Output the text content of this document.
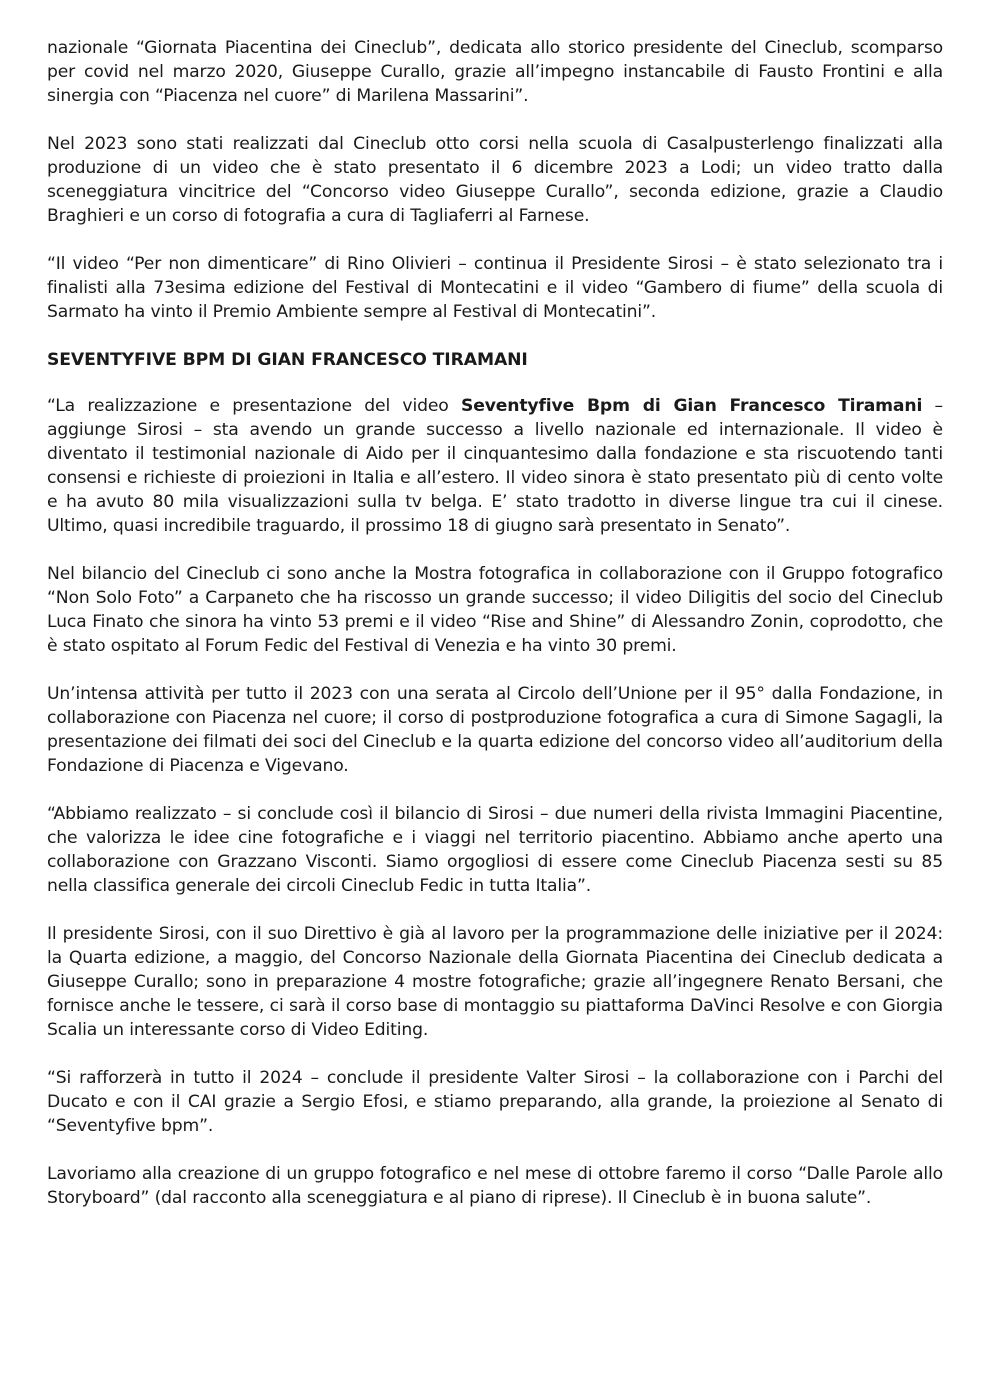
nazionale “Giornata Piacentina dei Cineclub”, dedicata allo storico presidente del Cineclub, scomparso per covid nel marzo 2020, Giuseppe Curallo, grazie all’impegno instancabile di Fausto Frontini e alla sinergia con “Piacenza nel cuore” di Marilena Massarini”.

Nel 2023 sono stati realizzati dal Cineclub otto corsi nella scuola di Casalpusterlengo finalizzati alla produzione di un video che è stato presentato il 6 dicembre 2023 a Lodi; un video tratto dalla sceneggiatura vincitrice del “Concorso video Giuseppe Curallo”, seconda edizione, grazie a Claudio Braghieri e un corso di fotografia a cura di Tagliaferri al Farnese.

“Il video “Per non dimenticare” di Rino Olivieri – continua il Presidente Sirosi – è stato selezionato tra i finalisti alla 73esima edizione del Festival di Montecatini e il video “Gambero di fiume” della scuola di Sarmato ha vinto il Premio Ambiente sempre al Festival di Montecatini”.

SEVENTYFIVE BPM DI GIAN FRANCESCO TIRAMANI

“La realizzazione e presentazione del video Seventyfive Bpm di Gian Francesco Tiramani – aggiunge Sirosi – sta avendo un grande successo a livello nazionale ed internazionale. Il video è diventato il testimonial nazionale di Aido per il cinquantesimo dalla fondazione e sta riscuotendo tanti consensi e richieste di proiezioni in Italia e all’estero. Il video sinora è stato presentato più di cento volte e ha avuto 80 mila visualizzazioni sulla tv belga. E’ stato tradotto in diverse lingue tra cui il cinese. Ultimo, quasi incredibile traguardo, il prossimo 18 di giugno sarà presentato in Senato”.

Nel bilancio del Cineclub ci sono anche la Mostra fotografica in collaborazione con il Gruppo fotografico “Non Solo Foto” a Carpaneto che ha riscosso un grande successo; il video Diligitis del socio del Cineclub Luca Finato che sinora ha vinto 53 premi e il video “Rise and Shine” di Alessandro Zonin, coprodotto, che è stato ospitato al Forum Fedic del Festival di Venezia e ha vinto 30 premi.

Un’intensa attività per tutto il 2023 con una serata al Circolo dell’Unione per il 95° dalla Fondazione, in collaborazione con Piacenza nel cuore; il corso di postproduzione fotografica a cura di Simone Sagagli, la presentazione dei filmati dei soci del Cineclub e la quarta edizione del concorso video all’auditorium della Fondazione di Piacenza e Vigevano.

“Abbiamo realizzato – si conclude così il bilancio di Sirosi – due numeri della rivista Immagini Piacentine, che valorizza le idee cine fotografiche e i viaggi nel territorio piacentino. Abbiamo anche aperto una collaborazione con Grazzano Visconti. Siamo orgogliosi di essere come Cineclub Piacenza sesti su 85 nella classifica generale dei circoli Cineclub Fedic in tutta Italia”.

Il presidente Sirosi, con il suo Direttivo è già al lavoro per la programmazione delle iniziative per il 2024: la Quarta edizione, a maggio, del Concorso Nazionale della Giornata Piacentina dei Cineclub dedicata a Giuseppe Curallo; sono in preparazione 4 mostre fotografiche; grazie all’ingegnere Renato Bersani, che fornisce anche le tessere, ci sarà il corso base di montaggio su piattaforma DaVinci Resolve e con Giorgia Scalia un interessante corso di Video Editing.

“Si rafforzerà in tutto il 2024 – conclude il presidente Valter Sirosi – la collaborazione con i Parchi del Ducato e con il CAI grazie a Sergio Efosi, e stiamo preparando, alla grande, la proiezione al Senato di “Seventyfive bpm”.

Lavoriamo alla creazione di un gruppo fotografico e nel mese di ottobre faremo il corso “Dalle Parole allo Storyboard” (dal racconto alla sceneggiatura e al piano di riprese). Il Cineclub è in buona salute”.
